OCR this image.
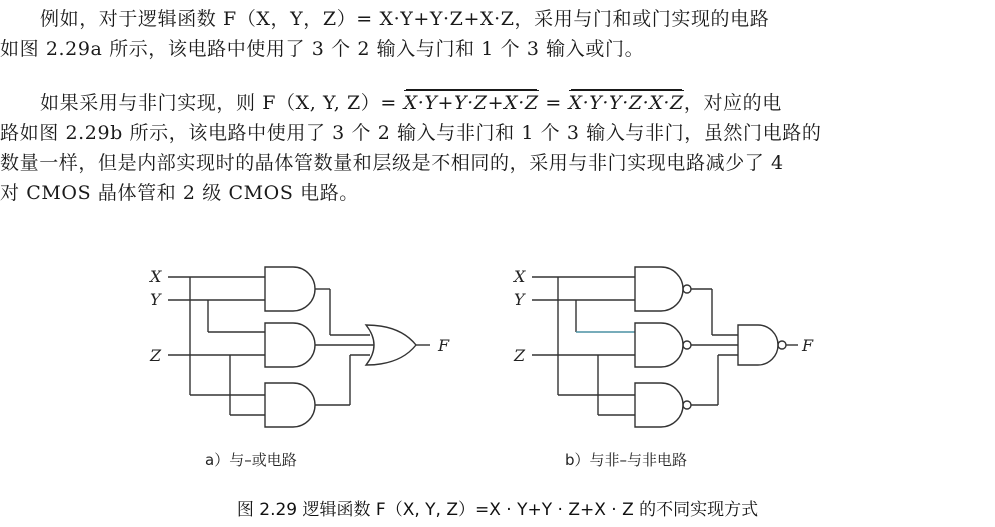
例如，对于逻辑函数 F（X，Y，Z）= X·Y+Y·Z+X·Z，采用与门和或门实现的电路
如图 2.29a 所示，该电路中使用了 3 个 2 输入与门和 1 个 3 输入或门。
如果采用与非门实现，则 F（X, Y, Z）= X·Y+Y·Z+X·Z = X·Y·Y·Z·X·Z，对应的电
路如图 2.29b 所示，该电路中使用了 3 个 2 输入与非门和 1 个 3 输入与非门，虽然门电路的
数量一样，但是内部实现时的晶体管数量和层级是不相同的，采用与非门实现电路减少了 4
对 CMOS 晶体管和 2 级 CMOS 电路。
X
Y
Z
F
X
Y
Z
F
a）与–或电路	b）与非–与非电路
图 2.29 逻辑函数 F（X, Y, Z）=X · Y+Y · Z+X · Z 的不同实现方式
